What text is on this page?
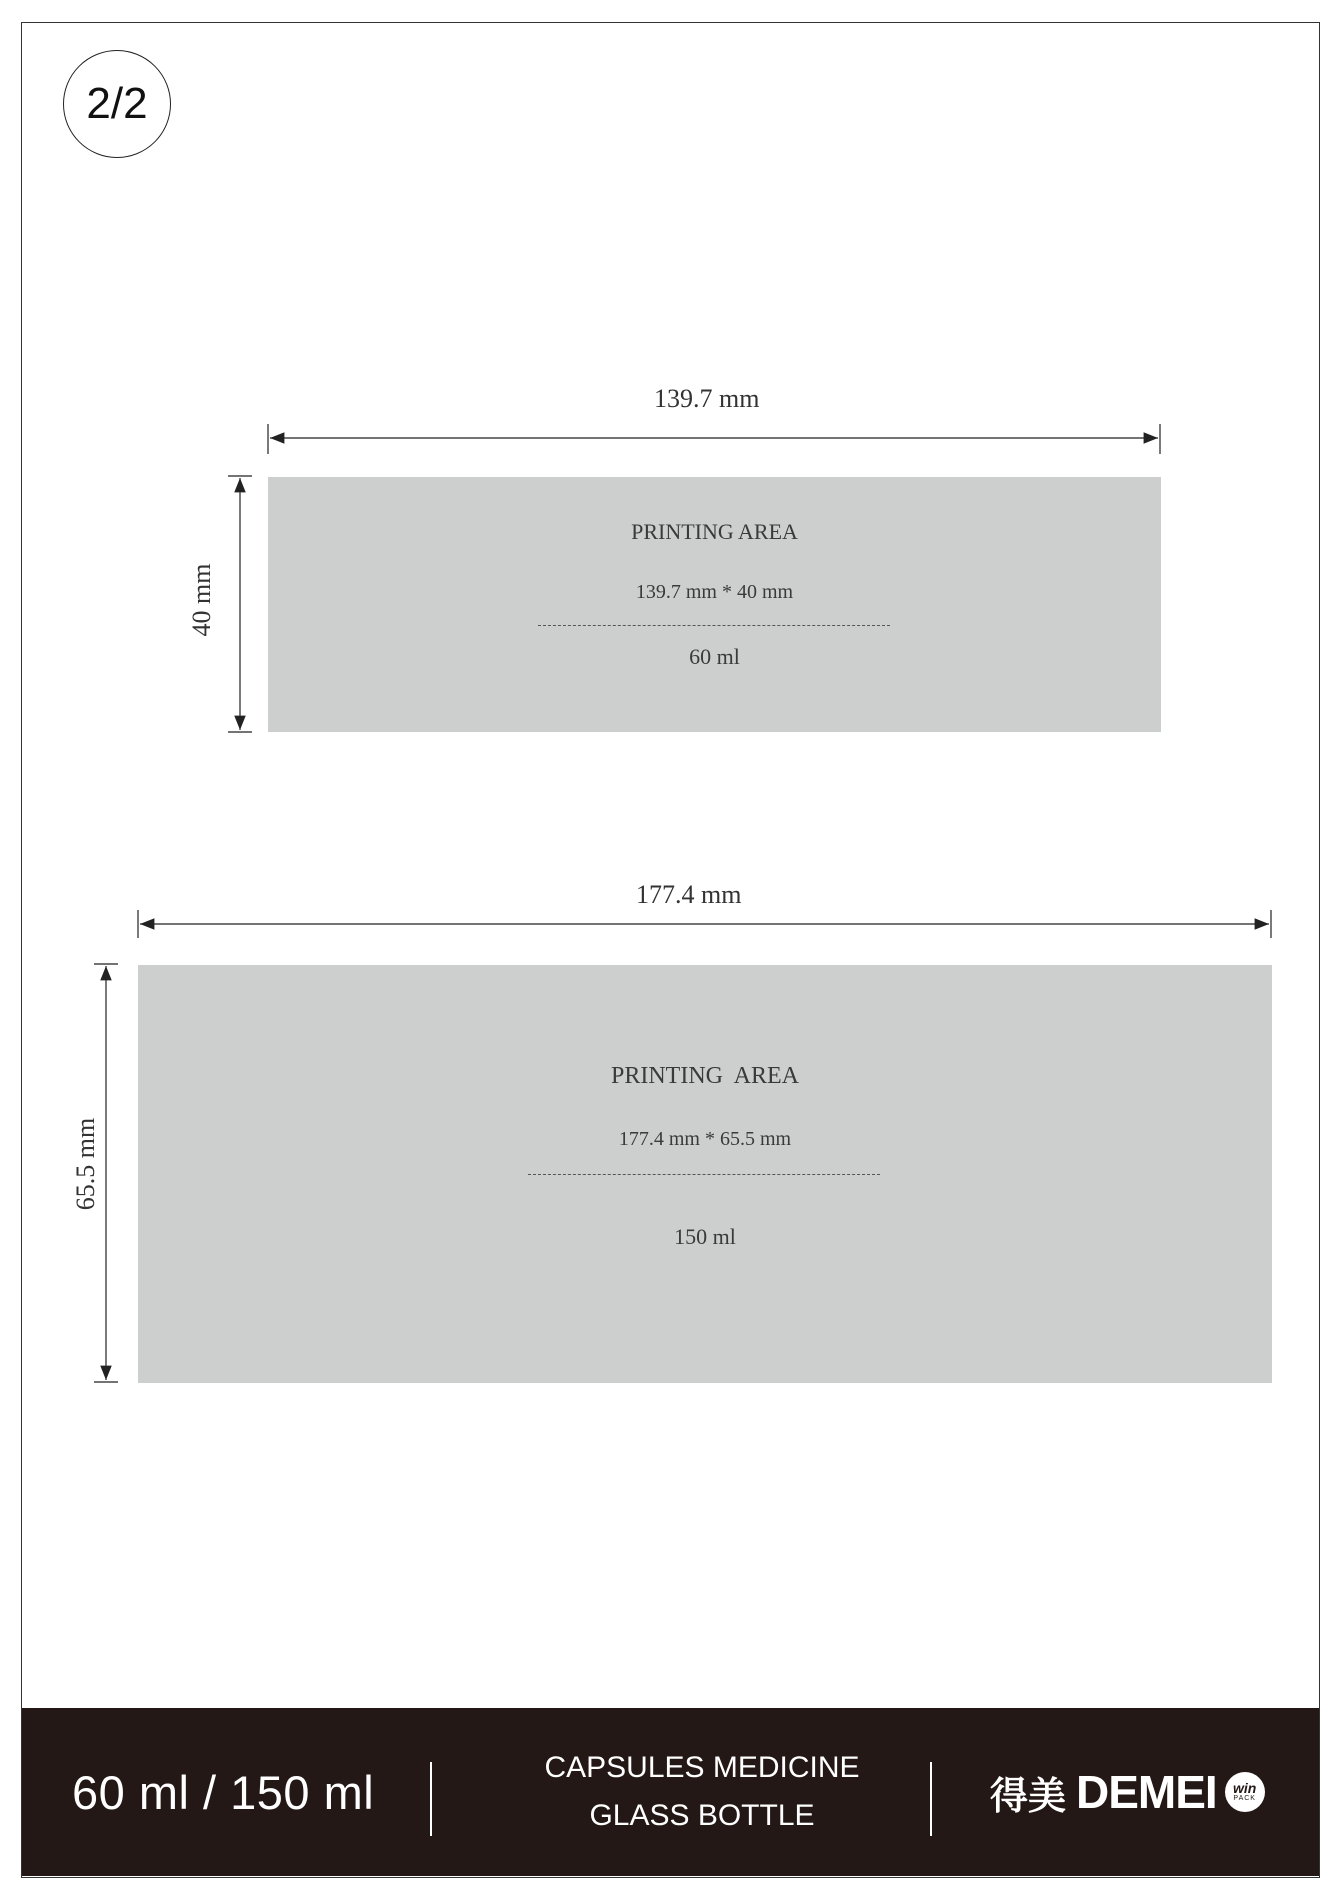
2/2
139.7 mm
40 mm
PRINTING AREA
139.7 mm * 40 mm
60 ml
177.4 mm
65.5 mm
PRINTING  AREA
177.4 mm * 65.5 mm
150 ml
60 ml / 150 ml	CAPSULES MEDICINE
GLASS BOTTLE	得美 DEMEI win
PACK
